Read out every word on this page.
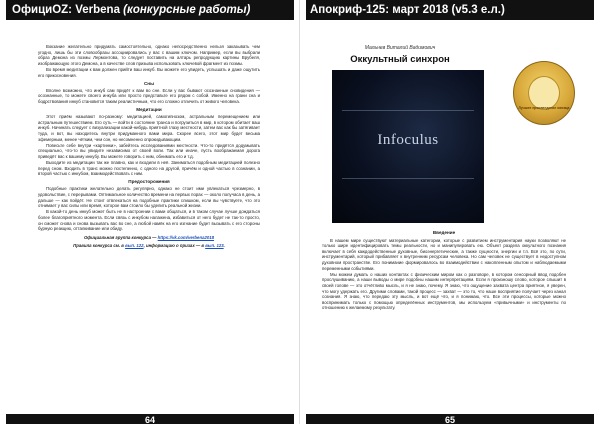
ОфициОZ: Verbena (конкурсные работы)

Вокзание желательно придумать самостоятельно, однако непосредственно нельзя заказывать чем угодно, лишь бы эти словообразы ассоциировались у вас с вашим ключом. Например, если вы выбрали образ Демона из поэмы Лермонтова, то следует поставить на алтарь репродукцию картины Врубеля, изображающую этого Демона, а в качестве слов призыва использовать ключевой фрагмент из поэмы.

Во время медитации к вам должен прийти ваш инкуб. Вы можете его увидеть, услышать и даже ощутить его прикосновения.

Сны

Вполне возможно, что инкуб сам придёт к вам во сне. Если у вас бывают осознанные сновидения — осознанные, то можете своего инкуба или просто представьте его рядом с собой. Именно на грани сна и бодрствования инкуб становится таким реалистичным, что его сложно отличить от живого человека.

Медитации

Этот приём называют по-разному: медитацией, самогипнозом, астральным перемещением или астральным путешествием. Его суть — войти в состояние транса и погрузиться в мир, в котором обитает ваш инкуб. Начинать следует с визуализации какой-нибудь приятной глазу местности, затем вас как бы затягивает туда, и вот, вы находитесь внутри придуманного вами мира. Скорее всего, этот мир будет весьма эфемерным, менее чётким, чем сон, но несомненно опрокидывающим.

Повесьте себе внутри «картинки», забейтесь исследованиями местности. Что-то придётся додумывать специально, что-то вы увидите независимо от своей воли. Так или иначе, пусть воображаемая дорога приведёт вас к вашему инкубу. Вы можете говорить с ним, обнимать его и т.д.

Выходите из медитации так же плавно, как и входили в неё. Заниматься подобным медитацией полезно перед сном. Входить в транс можно постепенно, с одного на другой, причём и одной частью в сознании, а второй частью с инкубом, взаимодействовать с ним.

Предосторожения

Подобные практики желательно делать регулярно, однако не стоит ими увлекаться чрезмерно, в удовольствие, с перерывами. Оптимальное количество времени на первых порах — около получаса в день, а дальше — как пойдёт. Не стоит отвлекаться на подобные практики слишком, если вы чувствуете, что это отнимает у вас силы или время, которое вам стоило бы уделить реальной жизни.

В какой-то день инкуб может быть не в настроении с вами общаться, и в таком случае лучше дождаться более благоприятного момента. Если связь с инкубом налажена, избавиться от него будет не так-то просто, он сможет снова и снова вызывать вас во сне, а любой намёк на его изгнание будет вызывать с его стороны бурную реакцию, отталкивание или обиду.

Официальная группа конкурса — https://vk.com/verbena2018
Правила конкурса см. в вып. 122, информацию о призах — в вып. 123.
64
Апокриф-125: март 2018 (v5.3 е.л.)
Мальнев Виталий Вадимович
Оккультный синхрон
Infoculus
Лучшее произведение месяца
Введение

В нашем мире существуют материальные категории, которые с развитием инструментария науки позволяют не только шире идентифицировать темы реальности, но и манипулировать ею. Объект раздела оккультного познания включает в себя каждодейственные духовные, биоэнергетические, а также сущности, энергии и т.п. Всё это, по сути, инструментарий, который прибавляет к внутренним ресурсам человека. Но сам человек не существует в недоступном духовном пространстве. Его понимание формировалось во взаимодействии с накопленным опытом и наблюдаемыми переменными событиями.

Мы можем думать о наших контактах с физическим миром как о разговоре, в котором сенсорный ввод подобен прослушиванию, а наши выводы о мире подобны нашим интерпретациям. Если я произношу слово, которое слышит в своей голове — это отчётливо мысль, и я не знаю, почему. Я знаю, что ощущение захвата центра приятное, я уверен, что могу удержать его. Другими словами, такой процесс — захват — это то, что наше восприятие получает через канал сознания. Я знаю, что передаю эту мысль, и вот ещё что, и я понимаю, что. Все эти процессы, которые можно воспринимать только с помощью определённых инструментов, мы используем «привычными» и инструменты по отношению к желаемому результату.

65
